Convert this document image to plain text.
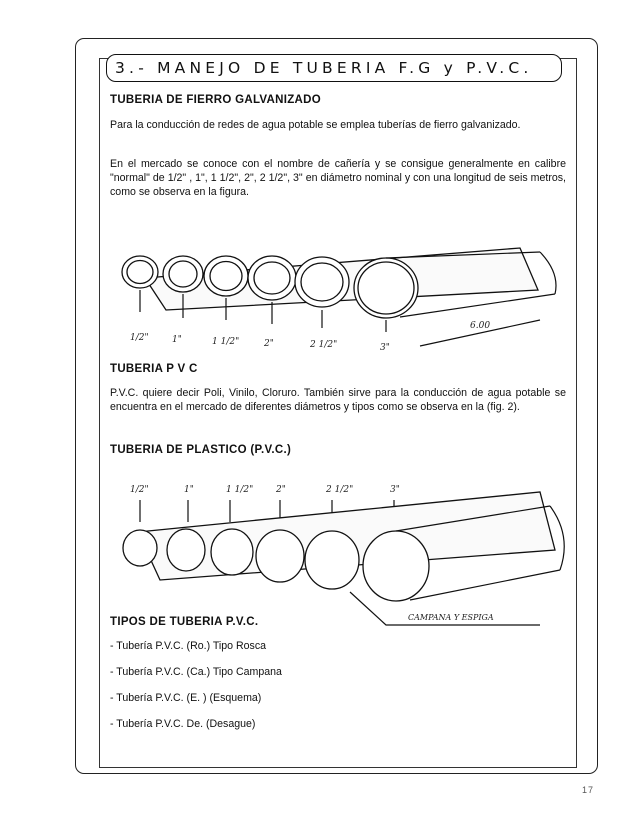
3.- MANEJO DE TUBERIA F.G y P.V.C.
TUBERIA DE FIERRO GALVANIZADO
Para la conducción de redes de agua potable se emplea tuberías de fierro galvanizado.
En el mercado se conoce con el nombre de cañería y se consigue generalmente en calibre "normal" de 1/2" , 1", 1 1/2", 2", 2 1/2", 3" en diámetro nominal y con una longitud de seis metros, como se observa en la figura.
1/2"	1"	1 1/2"	2"	2 1/2"	3"
6.00
TUBERIA P V C
P.V.C. quiere decir Poli, Vinilo, Cloruro. También sirve para la conducción de agua potable se encuentra en el mercado de diferentes diámetros y tipos como se observa en la (fig. 2).
TUBERIA DE PLASTICO (P.V.C.)
1/2"	1"	1 1/2"	2"	2 1/2"	3"
CAMPANA Y ESPIGA
TIPOS DE TUBERIA P.V.C.
- Tubería P.V.C. (Ro.) Tipo Rosca
- Tubería P.V.C. (Ca.) Tipo Campana
- Tubería P.V.C. (E. ) (Esquema)
- Tubería P.V.C. De. (Desague)
17
